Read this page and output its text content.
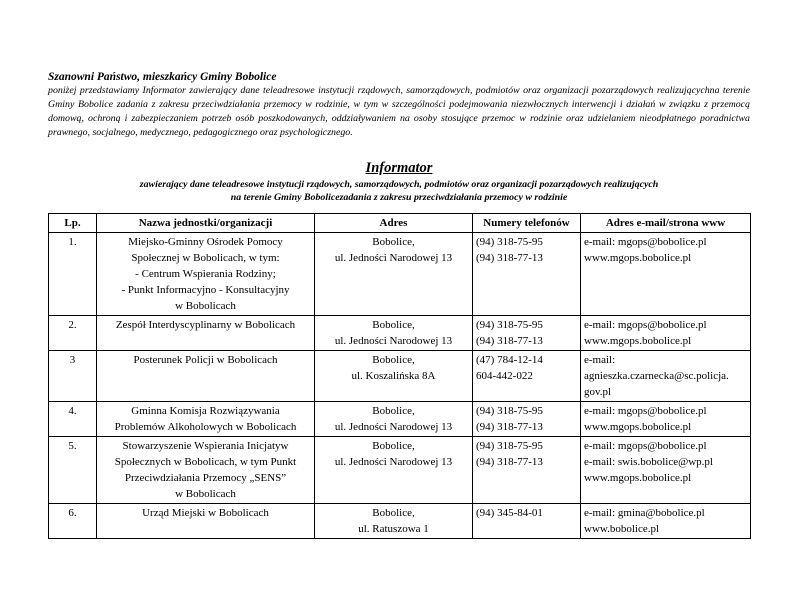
Szanowni Państwo, mieszkańcy Gminy Bobolice

poniżej przedstawiamy Informator zawierający dane teleadresowe instytucji rządowych, samorządowych, podmiotów oraz organizacji pozarządowych realizującychna terenie Gminy Bobolice zadania z zakresu przeciwdziałania przemocy w rodzinie, w tym w szczególności podejmowania niezwłocznych interwencji i działań w związku z przemocą domową, ochroną i zabezpieczaniem potrzeb osób poszkodowanych, oddziaływaniem na osoby stosujące przemoc w rodzinie oraz udzielaniem nieodpłatnego poradnictwa prawnego, socjalnego, medycznego, pedagogicznego oraz psychologicznego.

Informator

zawierający dane teleadresowe instytucji rządowych, samorządowych, podmiotów oraz organizacji pozarządowych realizujących
na terenie Gminy Bobolicezadania z zakresu przeciwdziałania przemocy w rodzinie

Lp.	Nazwa jednostki/organizacji	Adres	Numery telefonów	Adres e-mail/strona www
1.	Miejsko-Gminny Ośrodek Pomocy
Społecznej w Bobolicach, w tym:
- Centrum Wspierania Rodziny;
- Punkt Informacyjno - Konsultacyjny
w Bobolicach	Bobolice,
ul. Jedności Narodowej 13	(94) 318-75-95
(94) 318-77-13	e-mail: mgops@bobolice.pl
www.mgops.bobolice.pl

2.	Zespół Interdyscyplinarny w Bobolicach	Bobolice,
ul. Jedności Narodowej 13	(94) 318-75-95
(94) 318-77-13	e-mail: mgops@bobolice.pl
www.mgops.bobolice.pl

3	Posterunek Policji w Bobolicach	Bobolice,
ul. Koszalińska 8A	(47) 784-12-14
604-442-022	e-mail:
agnieszka.czarnecka@sc.policja.
gov.pl

4.	Gminna Komisja Rozwiązywania
Problemów Alkoholowych w Bobolicach	Bobolice,
ul. Jedności Narodowej 13	(94) 318-75-95
(94) 318-77-13	e-mail: mgops@bobolice.pl
www.mgops.bobolice.pl

5.	Stowarzyszenie Wspierania Inicjatyw
Społecznych w Bobolicach, w tym Punkt
Przeciwdziałania Przemocy „SENS”
w Bobolicach	Bobolice,
ul. Jedności Narodowej 13	(94) 318-75-95
(94) 318-77-13	e-mail: mgops@bobolice.pl
e-mail: swis.bobolice@wp.pl
www.mgops.bobolice.pl

6.	Urząd Miejski w Bobolicach	Bobolice,
ul. Ratuszowa 1	(94) 345-84-01	e-mail: gmina@bobolice.pl
www.bobolice.pl
